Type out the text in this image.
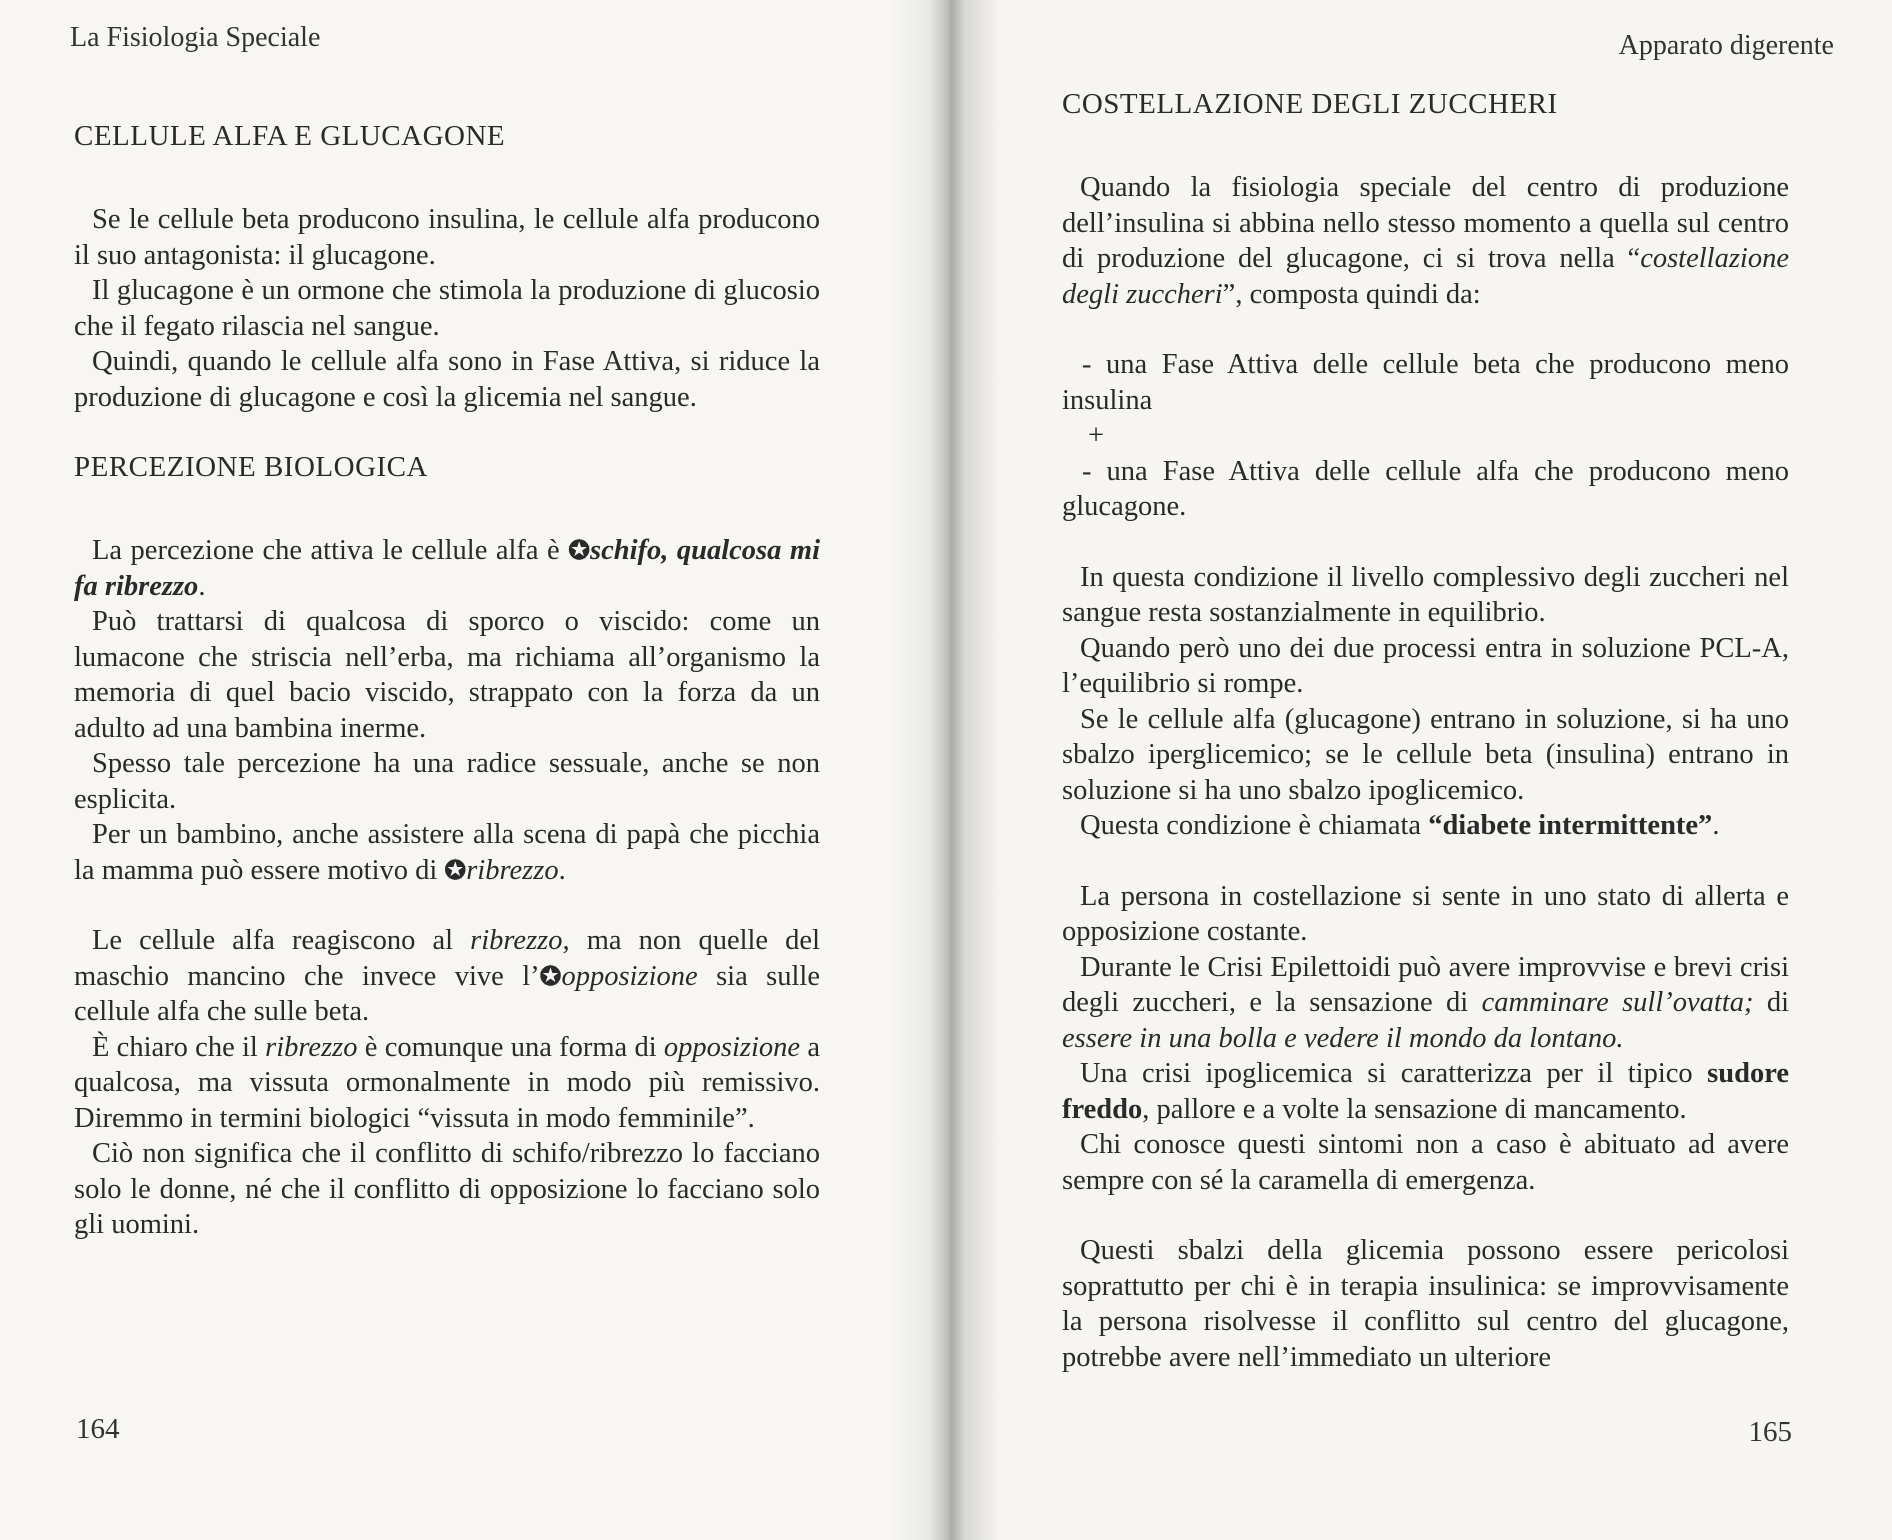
La Fisiologia Speciale
CELLULE ALFA E GLUCAGONE

Se le cellule beta producono insulina, le cellule alfa producono il suo antagonista: il glucagone.

Il glucagone è un ormone che stimola la produzione di glucosio che il fegato rilascia nel sangue.

Quindi, quando le cellule alfa sono in Fase Attiva, si riduce la produzione di glucagone e così la glicemia nel sangue.

PERCEZIONE BIOLOGICA

La percezione che attiva le cellule alfa è ✪schifo, qualcosa mi fa ribrezzo.

Può trattarsi di qualcosa di sporco o viscido: come un lumacone che striscia nell’erba, ma richiama all’organismo la memoria di quel bacio viscido, strappato con la forza da un adulto ad una bambina inerme.

Spesso tale percezione ha una radice sessuale, anche se non esplicita.

Per un bambino, anche assistere alla scena di papà che picchia la mamma può essere motivo di ✪ribrezzo.

Le cellule alfa reagiscono al ribrezzo, ma non quelle del maschio mancino che invece vive l’✪opposizione sia sulle cellule alfa che sulle beta.

È chiaro che il ribrezzo è comunque una forma di opposizione a qualcosa, ma vissuta ormonalmente in modo più remissivo. Diremmo in termini biologici “vissuta in modo femminile”.

Ciò non significa che il conflitto di schifo/ribrezzo lo facciano solo le donne, né che il conflitto di opposizione lo facciano solo gli uomini.

164
Apparato digerente
COSTELLAZIONE DEGLI ZUCCHERI

Quando la fisiologia speciale del centro di produzione dell’insulina si abbina nello stesso momento a quella sul centro di produzione del glucagone, ci si trova nella “costellazione degli zuccheri”, composta quindi da:

- una Fase Attiva delle cellule beta che producono meno insulina

+

- una Fase Attiva delle cellule alfa che producono meno glucagone.

In questa condizione il livello complessivo degli zuccheri nel sangue resta sostanzialmente in equilibrio.

Quando però uno dei due processi entra in soluzione PCL-A, l’equilibrio si rompe.

Se le cellule alfa (glucagone) entrano in soluzione, si ha uno sbalzo iperglicemico; se le cellule beta (insulina) entrano in soluzione si ha uno sbalzo ipoglicemico.

Questa condizione è chiamata “diabete intermittente”.

La persona in costellazione si sente in uno stato di allerta e opposizione costante.

Durante le Crisi Epilettoidi può avere improvvise e brevi crisi degli zuccheri, e la sensazione di camminare sull’ovatta; di essere in una bolla e vedere il mondo da lontano.

Una crisi ipoglicemica si caratterizza per il tipico sudore freddo, pallore e a volte la sensazione di mancamento.

Chi conosce questi sintomi non a caso è abituato ad avere sempre con sé la caramella di emergenza.

Questi sbalzi della glicemia possono essere pericolosi soprattutto per chi è in terapia insulinica: se improvvisamente la persona risolvesse il conflitto sul centro del glucagone, potrebbe avere nell’immediato un ulteriore

165
